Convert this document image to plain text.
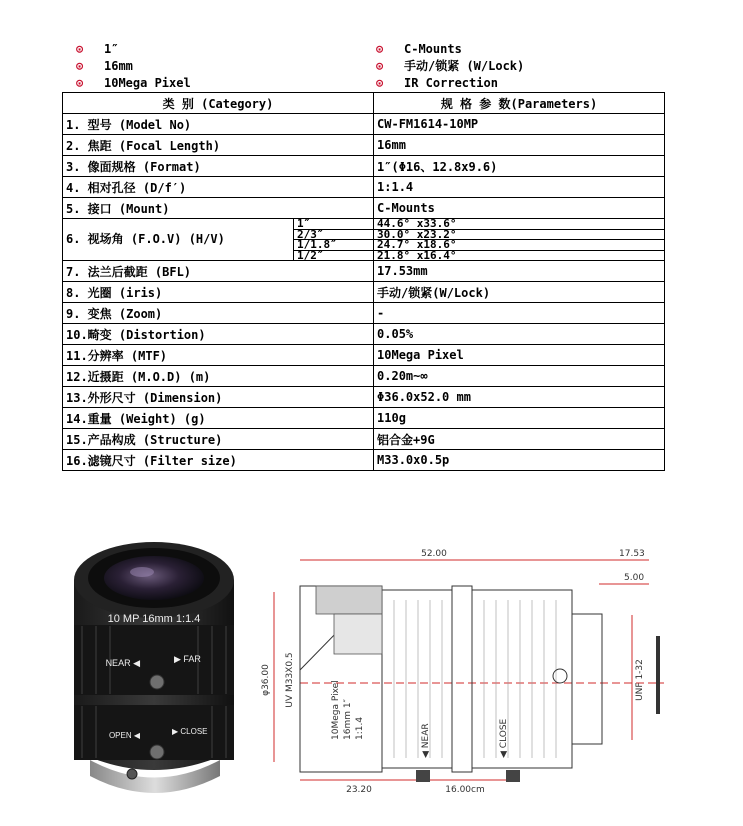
⊙ 1″
⊙ 16mm
⊙ 10Mega Pixel
⊙ C-Mounts
⊙ 手动/锁紧 (W/Lock)
⊙ IR Correction
类 别 (Category)		规 格 参 数(Parameters)
1. 型号 (Model No)		CW-FM1614-10MP
2. 焦距 (Focal Length)		16mm
3. 像面规格 (Format)		1″(Φ16、12.8x9.6)
4. 相对孔径 (D/f′)		1:1.4
5. 接口 (Mount)		C-Mounts
6. 视场角 (F.O.V) (H/V)	1″	44.6° x33.6°
	2/3″	30.0° x23.2°
	1/1.8″	24.7° x18.6°
	1/2″	21.8° x16.4°
7. 法兰后截距 (BFL)		17.53mm
8. 光圈 (iris)		手动/锁紧(W/Lock)
9. 变焦 (Zoom)		-
10.畸变 (Distortion)		0.05%
11.分辨率 (MTF)		10Mega Pixel
12.近摄距 (M.O.D) (m)		0.20m~∞
13.外形尺寸 (Dimension)		Φ36.0x52.0 mm
14.重量 (Weight) (g)		110g
15.产品构成 (Structure)		铝合金+9G
16.滤镜尺寸 (Filter size)		M33.0x0.5p
10 MP 16mm 1:1.4
NEAR ◀	▶ FAR
OPEN ◀	▶ CLOSE
52.00	17.53
5.00
φ36.00 UV M33X0.5	UNF 1-32
23.20	16.00cm
10Mega Pixel 16mm 1″ 1:1.4	◀ NEAR	◀ CLOSE
